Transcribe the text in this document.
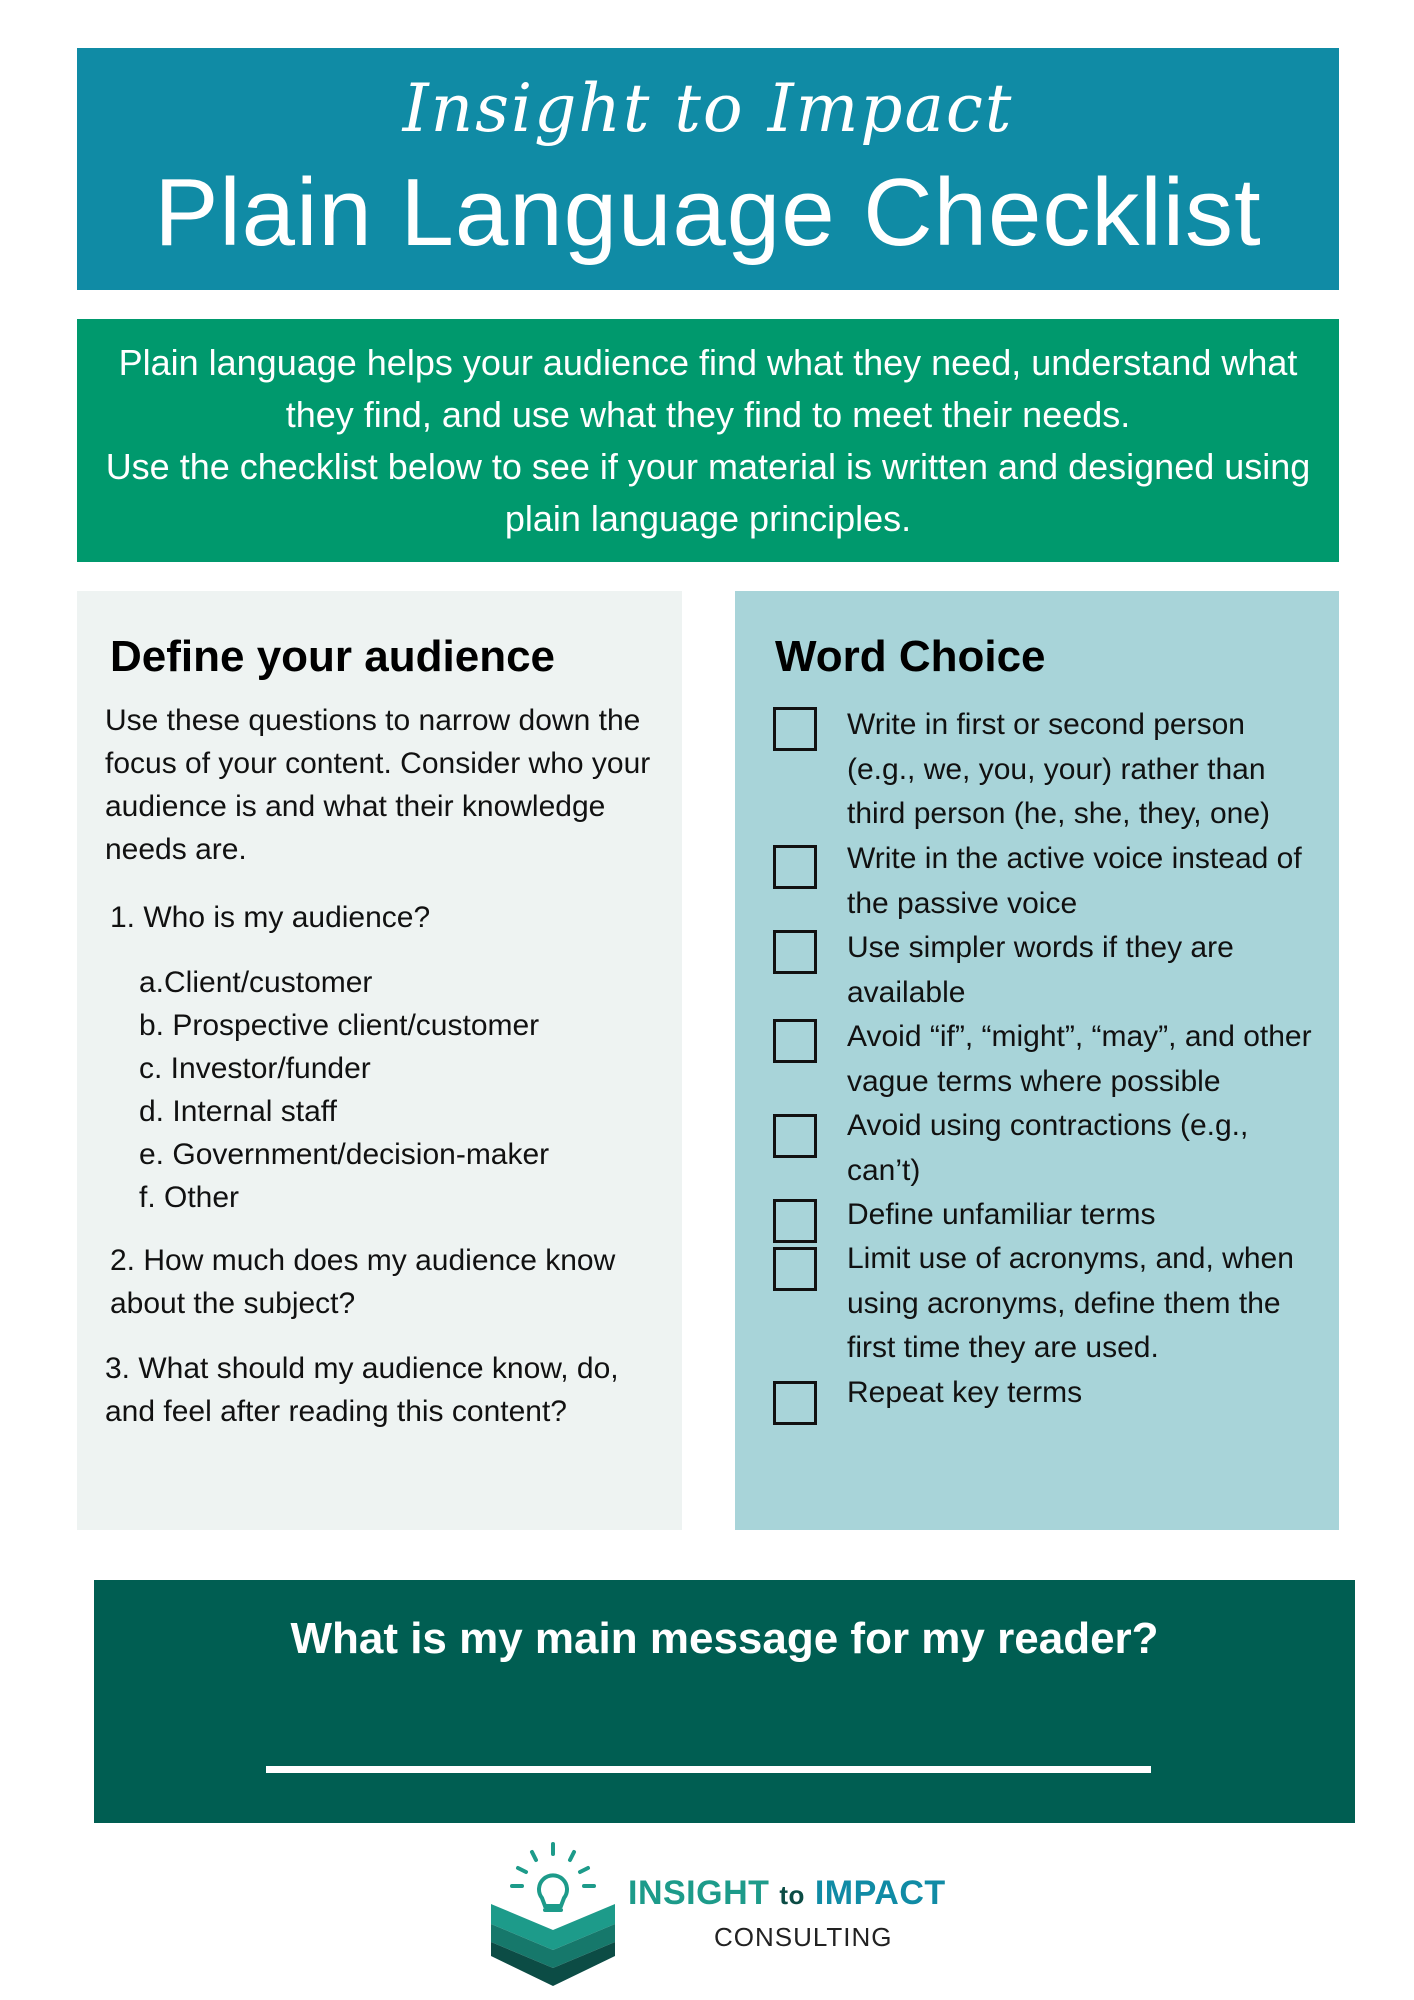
Insight to Impact
Plain Language Checklist

Plain language helps your audience find what they need, understand what

they find, and use what they find to meet their needs.

Use the checklist below to see if your material is written and designed using

plain language principles.

Define your audience
Use these questions to narrow down the focus of your content. Consider who your audience is and what their knowledge needs are.
1. Who is my audience?
a.Client/customer
b. Prospective client/customer
c. Investor/funder
d. Internal staff
e. Government/decision-maker
f. Other
2. How much does my audience know about the subject?
3. What should my audience know, do, and feel after reading this content?
Word Choice
Write in first or second person (e.g., we, you, your) rather than third person (he, she, they, one)
Write in the active voice instead of the passive voice
Use simpler words if they are available
Avoid “if”, “might”, “may”, and other vague terms where possible
Avoid using contractions (e.g., can’t)
Define unfamiliar terms
Limit use of acronyms, and, when using acronyms, define them the first time they are used.
Repeat key terms
What is my main message for my reader?
INSIGHT to IMPACT
CONSULTING
